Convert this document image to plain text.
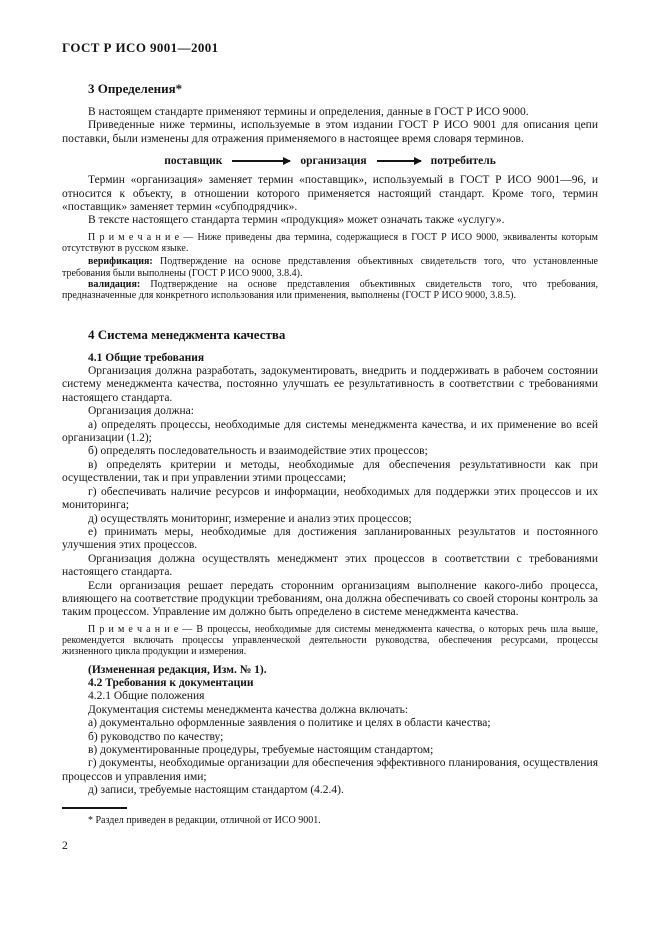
ГОСТ Р ИСО 9001—2001

3 Определения*

В настоящем стандарте применяют термины и определения, данные в ГОСТ Р ИСО 9000.

Приведенные ниже термины, используемые в этом издании ГОСТ Р ИСО 9001 для описания цепи поставки, были изменены для отражения применяемого в настоящее время словаря терминов.

поставщик	организация	потребитель

Термин «организация» заменяет термин «поставщик», используемый в ГОСТ Р ИСО 9001—96, и относится к объекту, в отношении которого применяется настоящий стандарт. Кроме того, термин «поставщик» заменяет термин «субподрядчик».

В тексте настоящего стандарта термин «продукция» может означать также «услугу».

П р и м е ч а н и е — Ниже приведены два термина, содержащиеся в ГОСТ Р ИСО 9000, эквиваленты которым отсутствуют в русском языке.

верификация: Подтверждение на основе представления объективных свидетельств того, что установленные требования были выполнены (ГОСТ Р ИСО 9000, 3.8.4).

валидация: Подтверждение на основе представления объективных свидетельств того, что требования, предназначенные для конкретного использования или применения, выполнены (ГОСТ Р ИСО 9000, 3.8.5).

4 Система менеджмента качества
4.1 Общие требования

Организация должна разработать, задокументировать, внедрить и поддерживать в рабочем состоянии систему менеджмента качества, постоянно улучшать ее результативность в соответствии с требованиями настоящего стандарта.

Организация должна:

а) определять процессы, необходимые для системы менеджмента качества, и их применение во всей организации (1.2);

б) определять последовательность и взаимодействие этих процессов;

в) определять критерии и методы, необходимые для обеспечения результативности как при осуществлении, так и при управлении этими процессами;

г) обеспечивать наличие ресурсов и информации, необходимых для поддержки этих процессов и их мониторинга;

д) осуществлять мониторинг, измерение и анализ этих процессов;

е) принимать меры, необходимые для достижения запланированных результатов и постоянного улучшения этих процессов.

Организация должна осуществлять менеджмент этих процессов в соответствии с требованиями настоящего стандарта.

Если организация решает передать сторонним организациям выполнение какого-либо процесса, влияющего на соответствие продукции требованиям, она должна обеспечивать со своей стороны контроль за таким процессом. Управление им должно быть определено в системе менеджмента качества.

П р и м е ч а н и е — В процессы, необходимые для системы менеджмента качества, о которых речь шла выше, рекомендуется включать процессы управленческой деятельности руководства, обеспечения ресурсами, процессы жизненного цикла продукции и измерения.

(Измененная редакция, Изм. № 1).

4.2 Требования к документации

4.2.1 Общие положения

Документация системы менеджмента качества должна включать:

а) документально оформленные заявления о политике и целях в области качества;

б) руководство по качеству;

в) документированные процедуры, требуемые настоящим стандартом;

г) документы, необходимые организации для обеспечения эффективного планирования, осуществления процессов и управления ими;

д) записи, требуемые настоящим стандартом (4.2.4).

* Раздел приведен в редакции, отличной от ИСО 9001.

2
